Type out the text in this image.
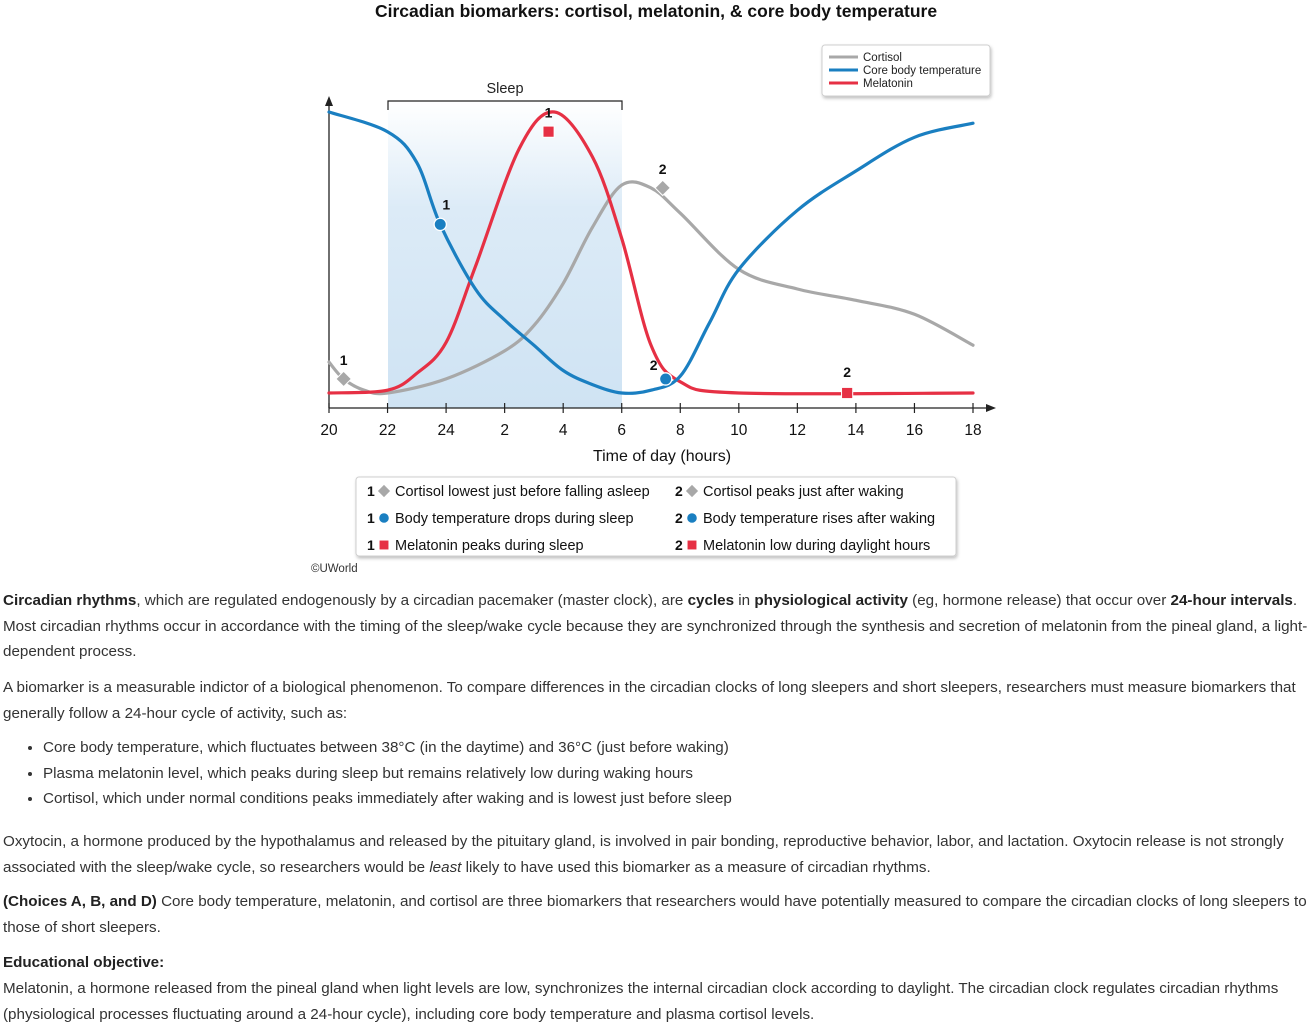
Circadian biomarkers: cortisol, melatonin, & core body temperature
Sleep
20	22	24	2	4	6	8	10	12	14	16	18
1
2
1
2
1
2
Time of day (hours)
Cortisol
Core body temperature
Melatonin
1 Cortisol lowest just before falling asleep 2 Cortisol peaks just after waking
1 Body temperature drops during sleep	2 Body temperature rises after waking
1 Melatonin peaks during sleep	2 Melatonin low during daylight hours
©UWorld

Circadian rhythms, which are regulated endogenously by a circadian pacemaker (master clock), are cycles in physiological activity (eg, hormone release) that occur over 24-hour intervals. Most circadian rhythms occur in accordance with the timing of the sleep/wake cycle because they are synchronized through the synthesis and secretion of melatonin from the pineal gland, a light-dependent process.

A biomarker is a measurable indictor of a biological phenomenon. To compare differences in the circadian clocks of long sleepers and short sleepers, researchers must measure biomarkers that generally follow a 24-hour cycle of activity, such as:

• Core body temperature, which fluctuates between 38°C (in the daytime) and 36°C (just before waking)
• Plasma melatonin level, which peaks during sleep but remains relatively low during waking hours
• Cortisol, which under normal conditions peaks immediately after waking and is lowest just before sleep

Oxytocin, a hormone produced by the hypothalamus and released by the pituitary gland, is involved in pair bonding, reproductive behavior, labor, and lactation. Oxytocin release is not strongly associated with the sleep/wake cycle, so researchers would be least likely to have used this biomarker as a measure of circadian rhythms.

(Choices A, B, and D) Core body temperature, melatonin, and cortisol are three biomarkers that researchers would have potentially measured to compare the circadian clocks of long sleepers to those of short sleepers.

Educational objective:

Melatonin, a hormone released from the pineal gland when light levels are low, synchronizes the internal circadian clock according to daylight. The circadian clock regulates circadian rhythms (physiological processes fluctuating around a 24-hour cycle), including core body temperature and plasma cortisol levels.
